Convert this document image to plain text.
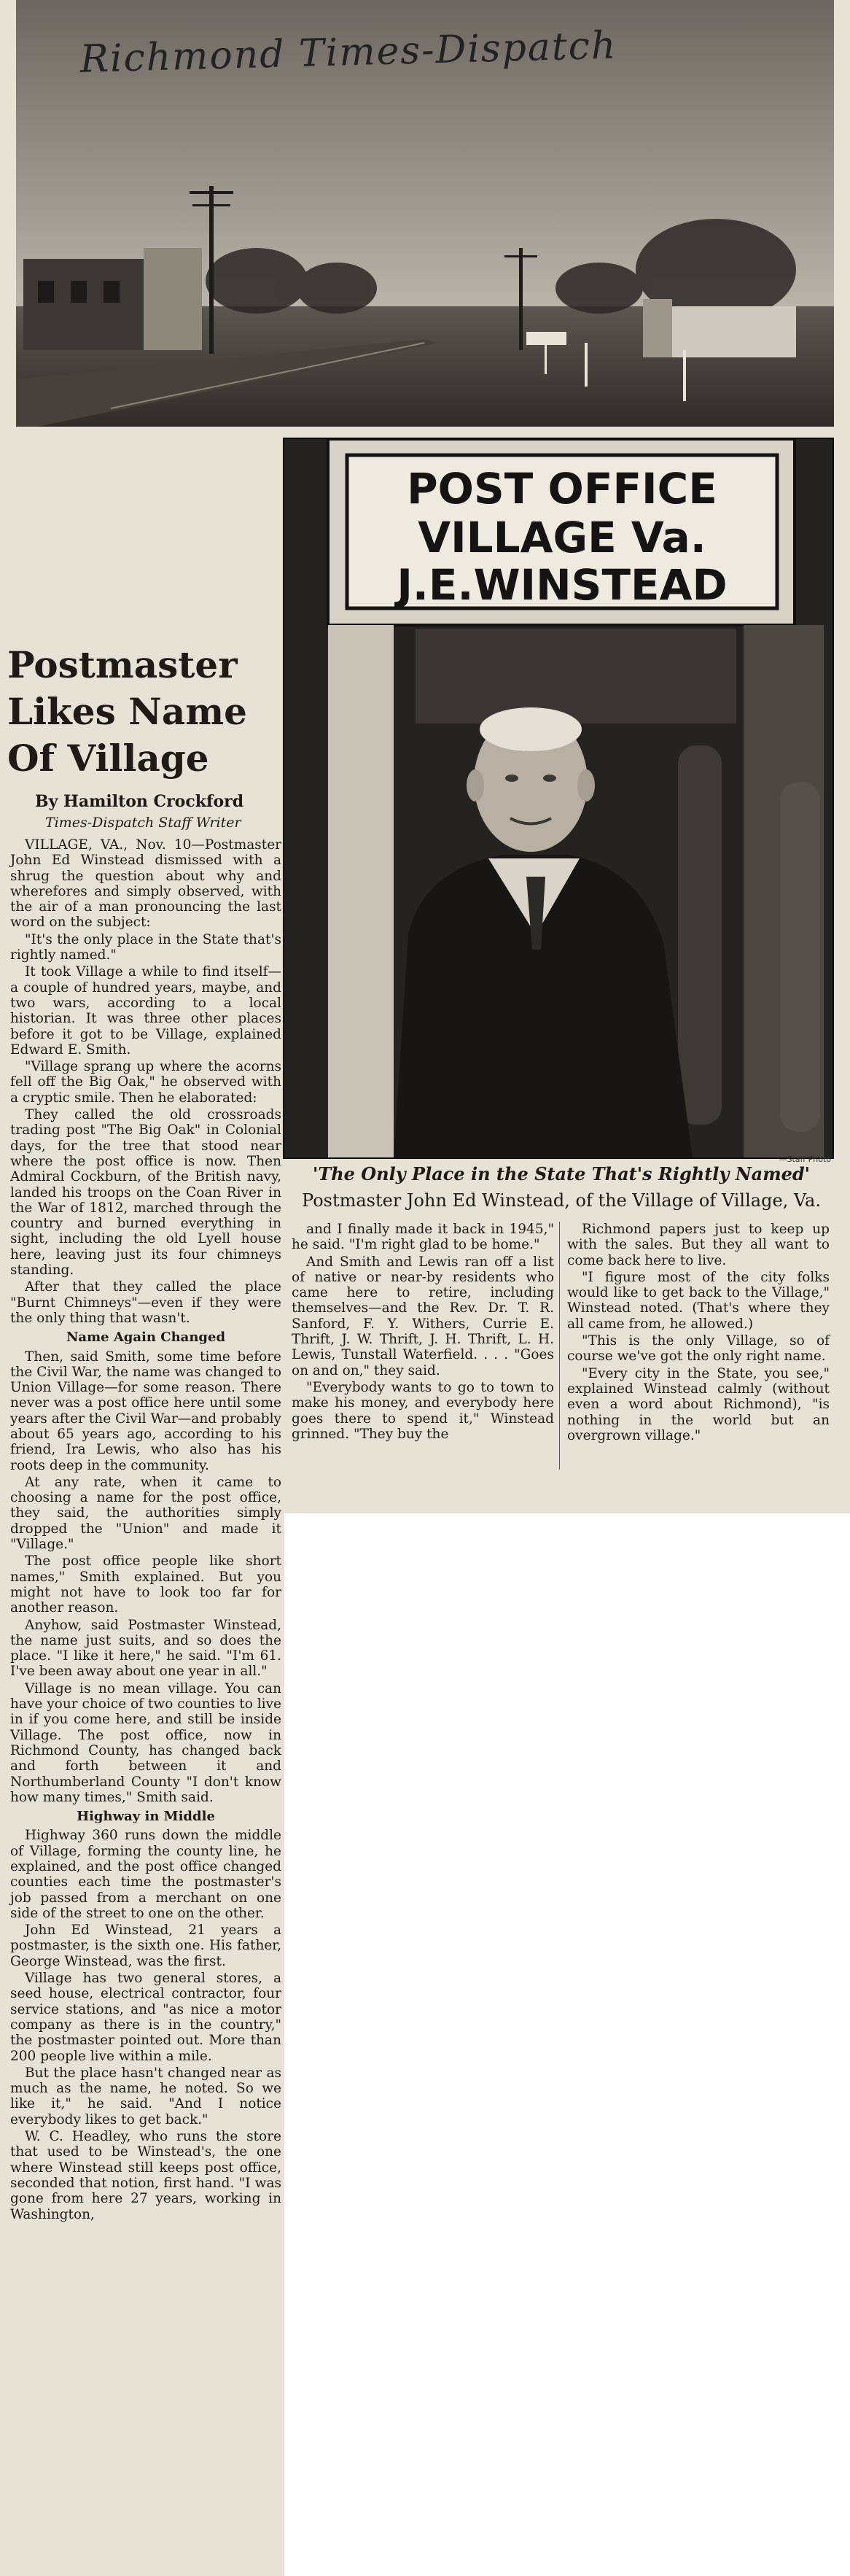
Richmond Times-Dispatch
POST OFFICE
VILLAGE Va.
J.E.WINSTEAD
—Staff Photo
'The Only Place in the State That's Rightly Named'
Postmaster John Ed Winstead, of the Village of Village, Va.
Postmaster
Likes Name
Of Village
By Hamilton Crockford
Times-Dispatch Staff Writer

VILLAGE, VA., Nov. 10—Postmaster John Ed Winstead dismissed with a shrug the question about why and wherefores and simply observed, with the air of a man pronouncing the last word on the subject:

"It's the only place in the State that's rightly named."

It took Village a while to find itself—a couple of hundred years, maybe, and two wars, according to a local historian. It was three other places before it got to be Village, explained Edward E. Smith.

"Village sprang up where the acorns fell off the Big Oak," he observed with a cryptic smile. Then he elaborated:

They called the old crossroads trading post "The Big Oak" in Colonial days, for the tree that stood near where the post office is now. Then Admiral Cockburn, of the British navy, landed his troops on the Coan River in the War of 1812, marched through the country and burned everything in sight, including the old Lyell house here, leaving just its four chimneys standing.

After that they called the place "Burnt Chimneys"—even if they were the only thing that wasn't.

Name Again Changed

Then, said Smith, some time before the Civil War, the name was changed to Union Village—for some reason. There never was a post office here until some years after the Civil War—and probably about 65 years ago, according to his friend, Ira Lewis, who also has his roots deep in the community.

At any rate, when it came to choosing a name for the post office, they said, the authorities simply dropped the "Union" and made it "Village."

The post office people like short names," Smith explained. But you might not have to look too far for another reason.

Anyhow, said Postmaster Winstead, the name just suits, and so does the place. "I like it here," he said. "I'm 61. I've been away about one year in all."

Village is no mean village. You can have your choice of two counties to live in if you come here, and still be inside Village. The post office, now in Richmond County, has changed back and forth between it and Northumberland County "I don't know how many times," Smith said.

Highway in Middle

Highway 360 runs down the middle of Village, forming the county line, he explained, and the post office changed counties each time the postmaster's job passed from a merchant on one side of the street to one on the other.

John Ed Winstead, 21 years a postmaster, is the sixth one. His father, George Winstead, was the first.

Village has two general stores, a seed house, electrical contractor, four service stations, and "as nice a motor company as there is in the country," the postmaster pointed out. More than 200 people live within a mile.

But the place hasn't changed near as much as the name, he noted. So we like it," he said. "And I notice everybody likes to get back."

W. C. Headley, who runs the store that used to be Winstead's, the one where Winstead still keeps post office, seconded that notion, first hand. "I was gone from here 27 years, working in Washington,

and I finally made it back in 1945," he said. "I'm right glad to be home."

And Smith and Lewis ran off a list of native or near-by residents who came here to retire, including themselves—and the Rev. Dr. T. R. Sanford, F. Y. Withers, Currie E. Thrift, J. W. Thrift, J. H. Thrift, L. H. Lewis, Tunstall Waterfield. . . . "Goes on and on," they said.

"Everybody wants to go to town to make his money, and everybody here goes there to spend it," Winstead grinned. "They buy the

Richmond papers just to keep up with the sales. But they all want to come back here to live.

"I figure most of the city folks would like to get back to the Village," Winstead noted. (That's where they all came from, he allowed.)

"This is the only Village, so of course we've got the only right name.

"Every city in the State, you see," explained Winstead calmly (without even a word about Richmond), "is nothing in the world but an overgrown village."
